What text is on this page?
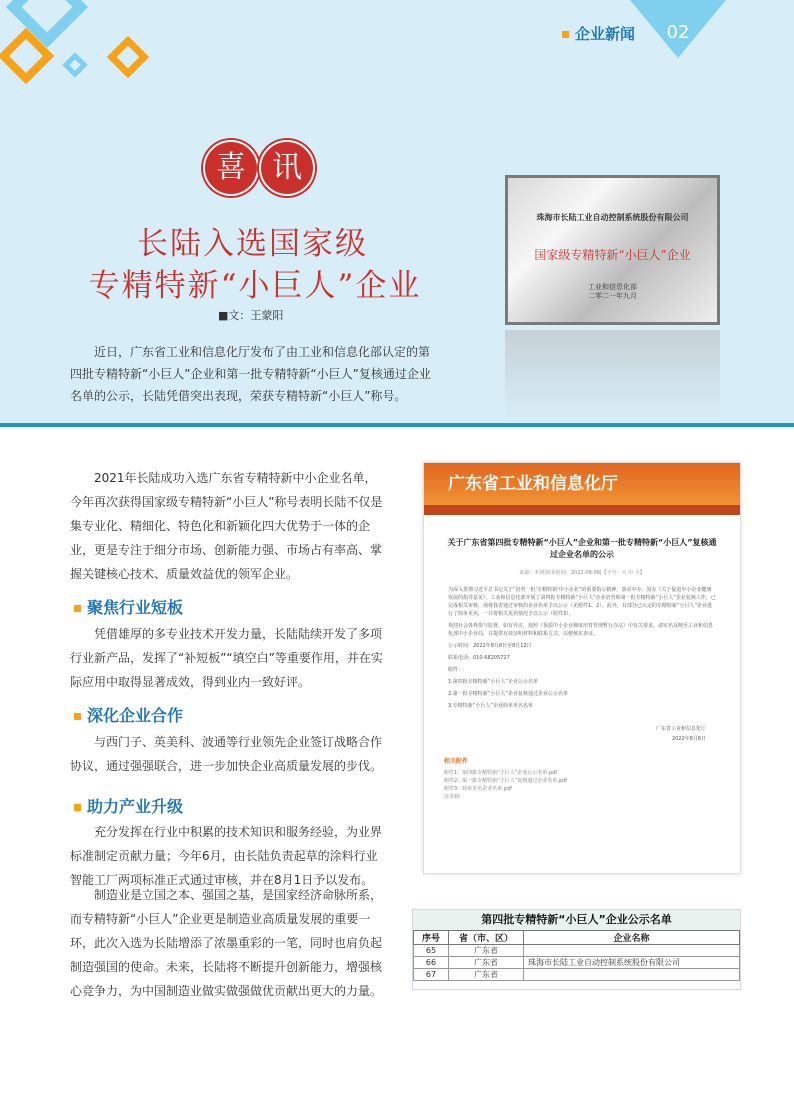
企业新闻	02
喜 讯
长陆入选国家级
专精特新“小巨人”企业
■文：王蒙阳
近日，广东省工业和信息化厅发布了由工业和信息化部认定的第四批专精特新“小巨人”企业和第一批专精特新“小巨人”复核通过企业名单的公示，长陆凭借突出表现，荣获专精特新“小巨人”称号。
珠海市长陆工业自动控制系统股份有限公司
国家级专精特新“小巨人”企业
工业和信息化部
二零二一年九月
2021年长陆成功入选广东省专精特新中小企业名单，今年再次获得国家级专精特新“小巨人”称号表明长陆不仅是集专业化、精细化、特色化和新颖化四大优势于一体的企业，更是专注于细分市场、创新能力强、市场占有率高、掌握关键核心技术、质量效益优的领军企业。
聚焦行业短板
凭借雄厚的多专业技术开发力量，长陆陆续开发了多项行业新产品，发挥了“补短板”“填空白”等重要作用，并在实际应用中取得显著成效，得到业内一致好评。
深化企业合作
与西门子、英美科、波通等行业领先企业签订战略合作协议，通过强强联合，进一步加快企业高质量发展的步伐。
助力产业升级
充分发挥在行业中积累的技术知识和服务经验，为业界标准制定贡献力量；今年6月，由长陆负责起草的涂料行业智能工厂两项标准正式通过审核，并在8月1日予以发布。
制造业是立国之本、强国之基，是国家经济命脉所系，而专精特新“小巨人”企业更是制造业高质量发展的重要一环，此次入选为长陆增添了浓墨重彩的一笔，同时也肩负起制造强国的使命。未来，长陆将不断提升创新能力，增强核心竞争力，为中国制造业做实做强做优贡献出更大的力量。
广东省工业和信息化厅
关于广东省第四批专精特新“小巨人”企业和第一批专精特新“小巨人”复核通过企业名单的公示
来源：本网|发布时间：2022-08-08|【字号：大 中 小】

为深入贯彻习近平总书记关于“培育一批‘专精特新’中小企业”的重要指示精神，落实中办、国办《关于促进中小企业健康发展的指导意见》，工业和信息化部开展了第四批专精特新“小巨人”企业培育和第一批专精特新“小巨人”企业复核工作，已完成相关审核，现将我省通过审核的企业名单予以公示（见附件1、2）。此外，有部分已认定的专精特新“小巨人”企业进行了简单更名，一并将相关更名情况予以公示（附件3）。

欢迎社会各界参与监督，如有异议，按照《优质中小企业梯度培育管理暂行办法》中有关要求，请实名反映至工业和信息化部中小企业局，并提供有效证明材料和联系方式，以便核实查证。

公示时间：2022年8月8日至8月12日

联系电话：010-68205727

附件：

1.第四批专精特新“小巨人”企业公示名单

2.第一批专精特新“小巨人”企业复核通过企业公示名单

3.专精特新“小巨人”企业简单更名名单

广东省工业和信息化厅
2022年8月8日
相关附件
附件1：第四批专精特新“小巨人”企业公示名单.pdf
附件2：第一批专精特新“小巨人”复核通过企业名单.pdf
附件3：简单更名企业名单.pdf
分享到：
第四批专精特新“小巨人”企业公示名单
序号	省（市、区）	企业名称
65	广东省	
66	广东省	珠海市长陆工业自动控制系统股份有限公司
67	广东省	
